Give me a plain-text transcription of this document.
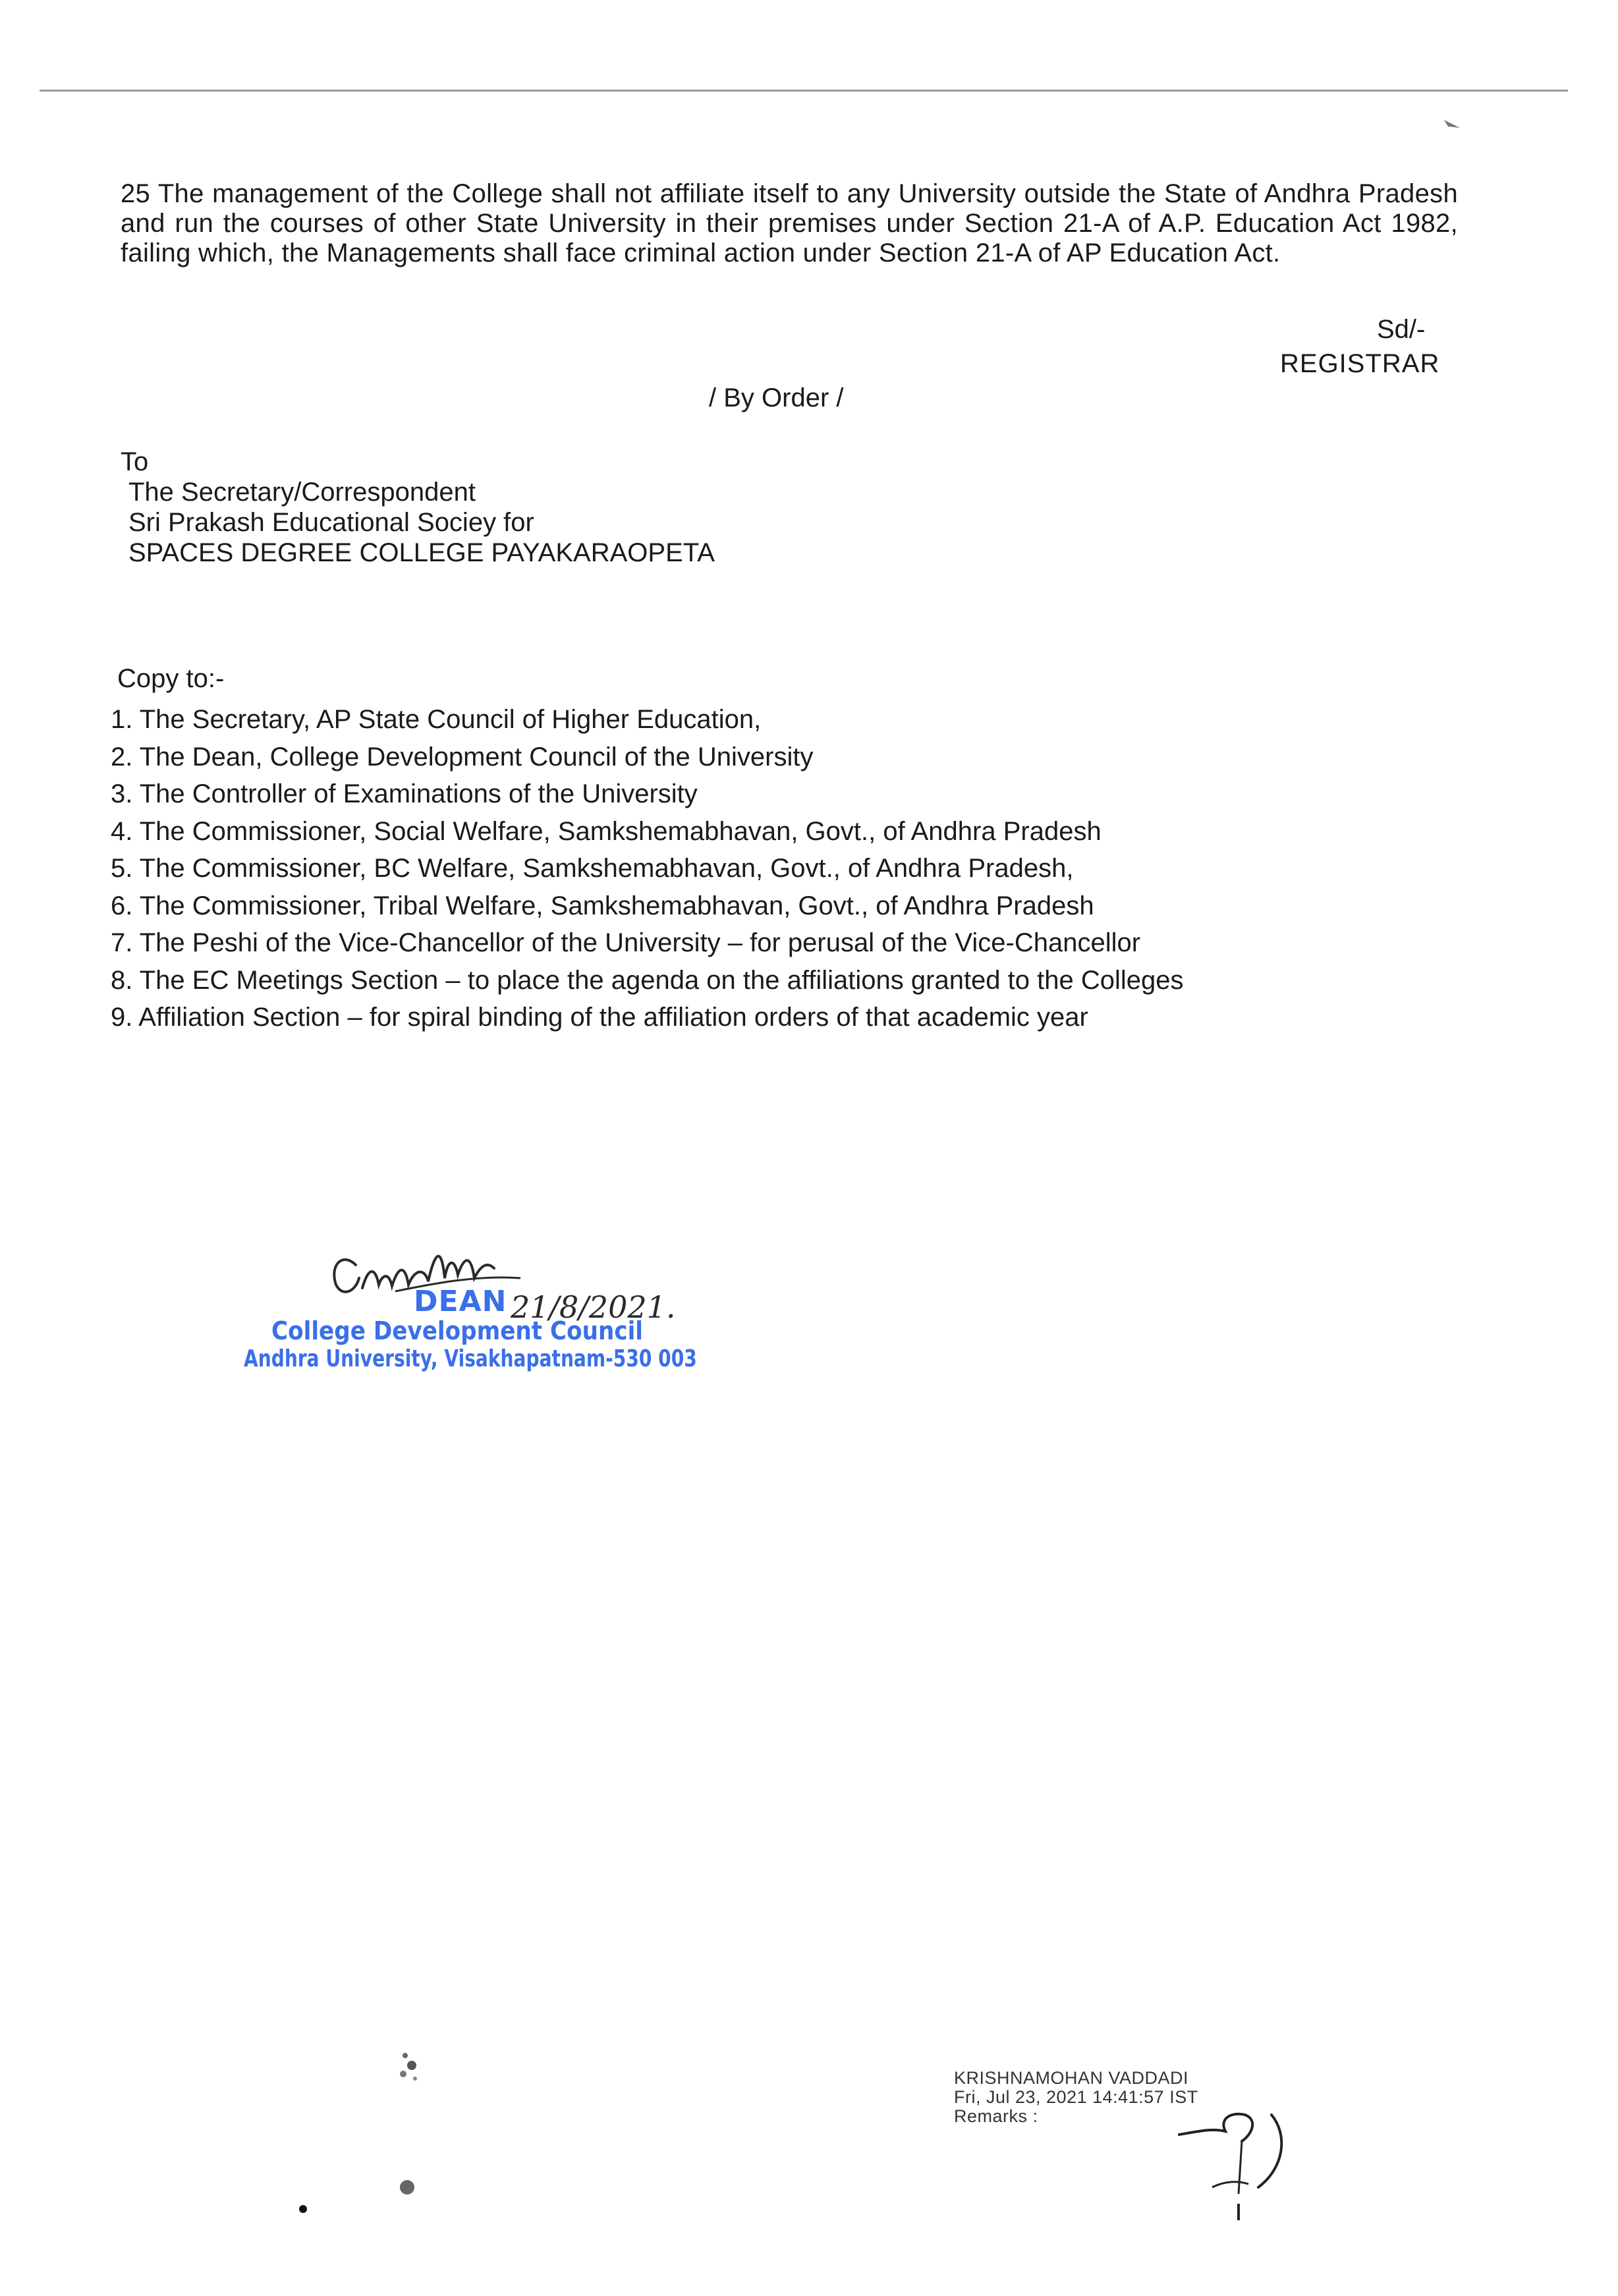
25 The management of the College shall not affiliate itself to any University outside the State of Andhra Pradesh and run the courses of other State University in their premises under Section 21-A of A.P. Education Act 1982, failing which, the Managements shall face criminal action under Section 21-A of AP Education Act.
Sd/-
REGISTRAR
/ By Order /
To
The Secretary/Correspondent
Sri Prakash Educational Sociey for
SPACES DEGREE COLLEGE PAYAKARAOPETA
Copy to:-
1. The Secretary, AP State Council of Higher Education,
2. The Dean, College Development Council of the University
3. The Controller of Examinations of the University
4. The Commissioner, Social Welfare, Samkshemabhavan, Govt., of Andhra Pradesh
5. The Commissioner, BC Welfare, Samkshemabhavan, Govt., of Andhra Pradesh,
6. The Commissioner, Tribal Welfare, Samkshemabhavan, Govt., of Andhra Pradesh
7. The Peshi of the Vice-Chancellor of the University – for perusal of the Vice-Chancellor
8. The EC Meetings Section – to place the agenda on the affiliations granted to the Colleges
9. Affiliation Section – for spiral binding of the affiliation orders of that academic year
21/8/2021.
DEAN
College Development Council
Andhra University, Visakhapatnam-530 003
KRISHNAMOHAN VADDADI
Fri, Jul 23, 2021 14:41:57 IST
Remarks :
